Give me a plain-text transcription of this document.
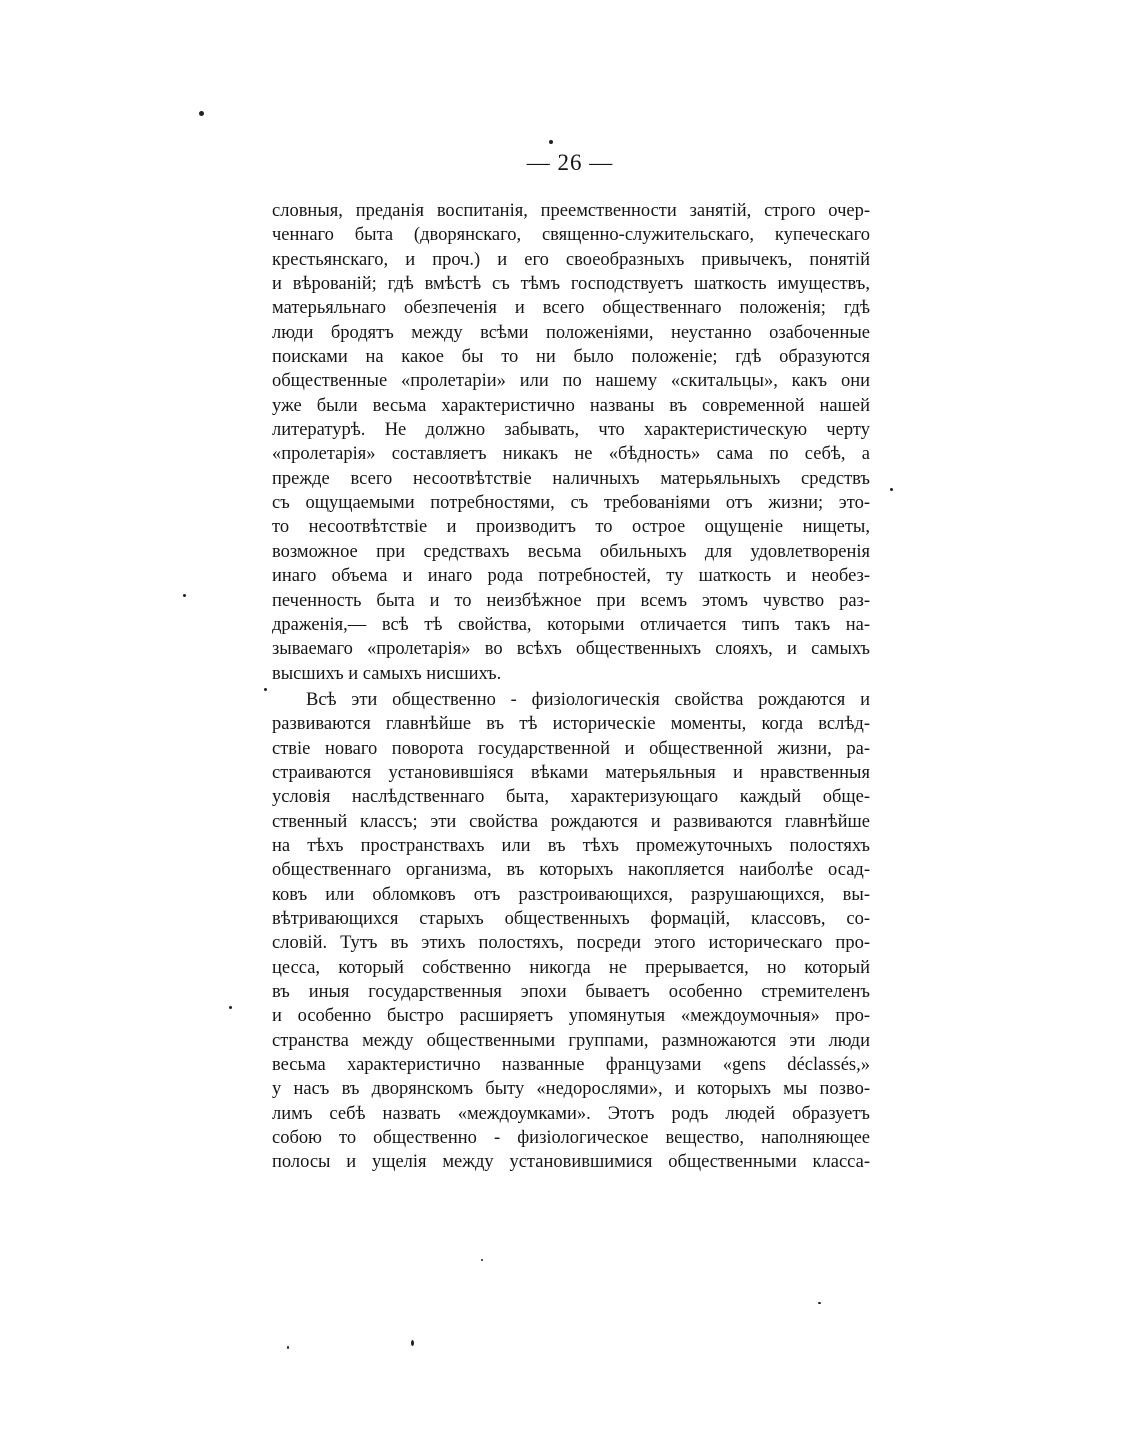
— 26 —
словныя, преданія воспитанія, преемственности занятій, строго очер-
ченнаго быта (дворянскаго, священно-служительскаго, купеческаго
крестьянскаго, и проч.) и его своеобразныхъ привычекъ, понятій
и вѣрованій; гдѣ вмѣстѣ съ тѣмъ господствуетъ шаткость имуществъ,
матерьяльнаго обезпеченія и всего общественнаго положенія; гдѣ
люди бродятъ между всѣми положеніями, неустанно озабоченные
поисками на какое бы то ни было положеніе; гдѣ образуются
общественные «пролетаріи» или по нашему «скитальцы», какъ они
уже были весьма характеристично названы въ современной нашей
литературѣ. Не должно забывать, что характеристическую черту
«пролетарія» составляетъ никакъ не «бѣдность» сама по себѣ, а
прежде всего несоотвѣтствіе наличныхъ матерьяльныхъ средствъ
съ ощущаемыми потребностями, съ требованіями отъ жизни; это-
то несоотвѣтствіе и производитъ то острое ощущеніе нищеты,
возможное при средствахъ весьма обильныхъ для удовлетворенія
инаго объема и инаго рода потребностей, ту шаткость и необез-
печенность быта и то неизбѣжное при всемъ этомъ чувство раз-
драженія,— всѣ тѣ свойства, которыми отличается типъ такъ на-
зываемаго «пролетарія» во всѣхъ общественныхъ слояхъ, и самыхъ
высшихъ и самыхъ нисшихъ.
Всѣ эти общественно - физіологическія свойства рождаются и
развиваются главнѣйше въ тѣ историческіе моменты, когда вслѣд-
ствіе новаго поворота государственной и общественной жизни, ра-
страиваются установившіяся вѣками матерьяльныя и нравственныя
условія наслѣдственнаго быта, характеризующаго каждый обще-
ственный классъ; эти свойства рождаются и развиваются главнѣйше
на тѣхъ пространствахъ или въ тѣхъ промежуточныхъ полостяхъ
общественнаго организма, въ которыхъ накопляется наиболѣе осад-
ковъ или обломковъ отъ разстроивающихся, разрушающихся, вы-
вѣтривающихся старыхъ общественныхъ формацій, классовъ, со-
словій. Тутъ въ этихъ полостяхъ, посреди этого историческаго про-
цесса, который собственно никогда не прерывается, но который
въ иныя государственныя эпохи бываетъ особенно стремителенъ
и особенно быстро расширяетъ упомянутыя «междоумочныя» про-
странства между общественными группами, размножаются эти люди
весьма характеристично названные французами «gens déclassés,»
у насъ въ дворянскомъ быту «недорослями», и которыхъ мы позво-
лимъ себѣ назвать «междоумками». Этотъ родъ людей образуетъ
собою то общественно - физіологическое вещество, наполняющее
полосы и ущелія между установившимися общественными класса-
